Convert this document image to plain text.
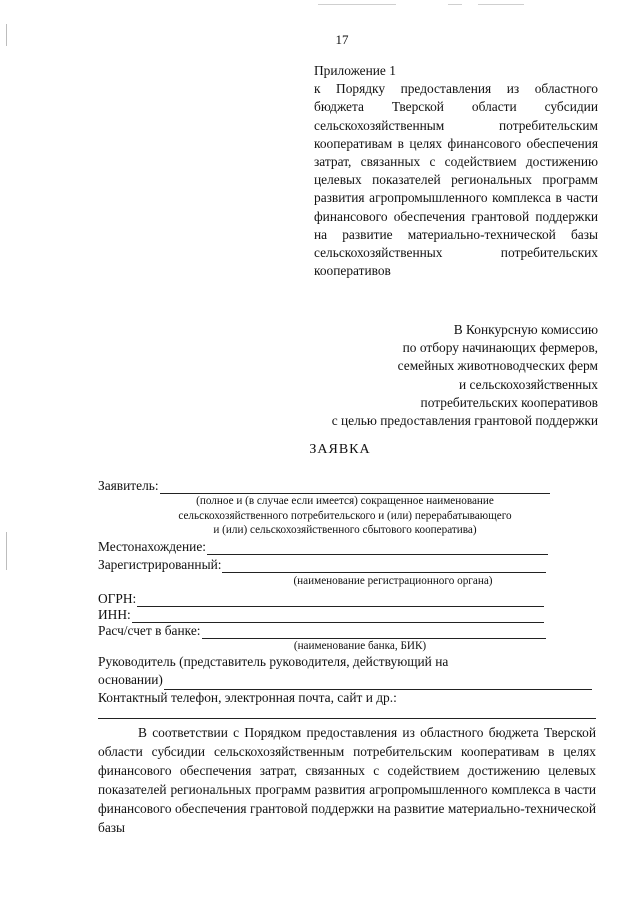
17
Приложение 1
к Порядку предоставления из областного бюджета Тверской области субсидии сельскохозяйственным потребительским кооперативам в целях финансового обеспечения затрат, связанных с содействием достижению целевых показателей региональных программ развития агропромышленного комплекса в части финансового обеспечения грантовой поддержки на развитие материально-технической базы сельскохозяйственных потребительских кооперативов
В Конкурсную комиссию
по отбору начинающих фермеров,
семейных животноводческих ферм
и сельскохозяйственных
потребительских кооперативов
с целью предоставления грантовой поддержки
ЗАЯВКА
Заявитель:
(полное и (в случае если имеется) сокращенное наименование
сельскохозяйственного потребительского и (или) перерабатывающего
и (или) сельскохозяйственного сбытового кооператива)
Местонахождение:
Зарегистрированный:
(наименование регистрационного органа)
ОГРН:
ИНН:
Расч/счет в банке:
(наименование банка, БИК)
Руководитель (представитель руководителя, действующий на
основании)
Контактный телефон, электронная почта, сайт и др.:

В соответствии с Порядком предоставления из областного бюджета Тверской области субсидии сельскохозяйственным потребительским кооперативам в целях финансового обеспечения затрат, связанных с содействием достижению целевых показателей региональных программ развития агропромышленного комплекса в части финансового обеспечения грантовой поддержки на развитие материально-технической базы
